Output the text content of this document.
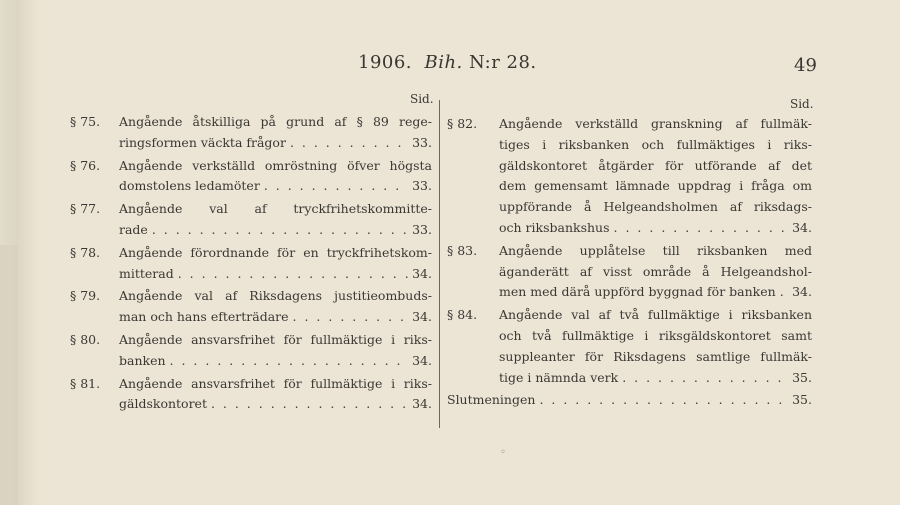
1906. Bih. N:r 28.	49
Sid.	Sid.
§ 75. Angående åtskilliga på grund af § 89 rege-
ringsformen väckta frågor . . .	33.
§ 76. Angående verkställd omröstning öfver högsta
domstolens ledamöter . . .	33.
§ 77. Angående val af tryckfrihetskommitte-
rade . . .	33.
§ 78. Angående förordnande för en tryckfrihetskom-
mitterad . . .	34.
§ 79. Angående val af Riksdagens justitieombuds-
man och hans efterträdare . . .	34.
§ 80. Angående ansvarsfrihet för fullmäktige i riks-
banken . . .	34.
§ 81. Angående ansvarsfrihet för fullmäktige i riks-
gäldskontoret . . .	34.
§ 82. Angående verkställd granskning af fullmäk-
tiges i riksbanken och fullmäktiges i riks-
gäldskontoret åtgärder för utförande af det
dem gemensamt lämnade uppdrag i fråga om
uppförande å Helgeandsholmen af riksdags-
och riksbankshus . . .	34.
§ 83. Angående upplåtelse till riksbanken med
äganderätt af visst område å Helgeandshol-
men med därå uppförd byggnad för banken . . .	34.
§ 84. Angående val af två fullmäktige i riksbanken
och två fullmäktige i riksgäldskontoret samt
suppleanter för Riksdagens samtlige fullmäk-
tige i nämnda verk . . .	35.
Slutmeningen . . .	35.
◦
